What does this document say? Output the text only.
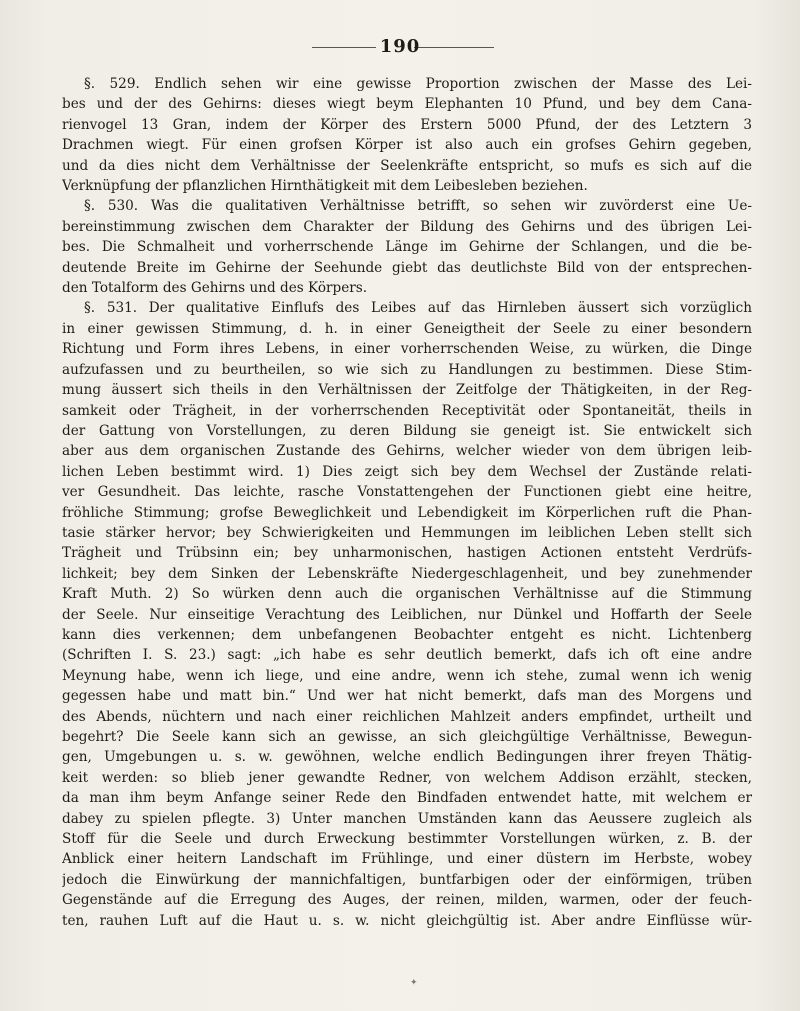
190

§. 529. Endlich sehen wir eine gewisse Proportion zwischen der Masse des Lei-

bes und der des Gehirns: dieses wiegt beym Elephanten 10 Pfund, und bey dem Cana-

rienvogel 13 Gran, indem der Körper des Erstern 5000 Pfund, der des Letztern 3

Drachmen wiegt. Für einen grofsen Körper ist also auch ein grofses Gehirn gegeben,

und da dies nicht dem Verhältnisse der Seelenkräfte entspricht, so mufs es sich auf die

Verknüpfung der pflanzlichen Hirnthätigkeit mit dem Leibesleben beziehen.

§. 530. Was die qualitativen Verhältnisse betrifft, so sehen wir zuvörderst eine Ue-

bereinstimmung zwischen dem Charakter der Bildung des Gehirns und des übrigen Lei-

bes. Die Schmalheit und vorherrschende Länge im Gehirne der Schlangen, und die be-

deutende Breite im Gehirne der Seehunde giebt das deutlichste Bild von der entsprechen-

den Totalform des Gehirns und des Körpers.

§. 531. Der qualitative Einflufs des Leibes auf das Hirnleben äussert sich vorzüglich

in einer gewissen Stimmung, d. h. in einer Geneigtheit der Seele zu einer besondern

Richtung und Form ihres Lebens, in einer vorherrschenden Weise, zu würken, die Dinge

aufzufassen und zu beurtheilen, so wie sich zu Handlungen zu bestimmen. Diese Stim-

mung äussert sich theils in den Verhältnissen der Zeitfolge der Thätigkeiten, in der Reg-

samkeit oder Trägheit, in der vorherrschenden Receptivität oder Spontaneität, theils in

der Gattung von Vorstellungen, zu deren Bildung sie geneigt ist. Sie entwickelt sich

aber aus dem organischen Zustande des Gehirns, welcher wieder von dem übrigen leib-

lichen Leben bestimmt wird. 1) Dies zeigt sich bey dem Wechsel der Zustände relati-

ver Gesundheit. Das leichte, rasche Vonstattengehen der Functionen giebt eine heitre,

fröhliche Stimmung; grofse Beweglichkeit und Lebendigkeit im Körperlichen ruft die Phan-

tasie stärker hervor; bey Schwierigkeiten und Hemmungen im leiblichen Leben stellt sich

Trägheit und Trübsinn ein; bey unharmonischen, hastigen Actionen entsteht Verdrüfs-

lichkeit; bey dem Sinken der Lebenskräfte Niedergeschlagenheit, und bey zunehmender

Kraft Muth. 2) So würken denn auch die organischen Verhältnisse auf die Stimmung

der Seele. Nur einseitige Verachtung des Leiblichen, nur Dünkel und Hoffarth der Seele

kann dies verkennen; dem unbefangenen Beobachter entgeht es nicht. Lichtenberg

(Schriften I. S. 23.) sagt: „ich habe es sehr deutlich bemerkt, dafs ich oft eine andre

Meynung habe, wenn ich liege, und eine andre, wenn ich stehe, zumal wenn ich wenig

gegessen habe und matt bin.“ Und wer hat nicht bemerkt, dafs man des Morgens und

des Abends, nüchtern und nach einer reichlichen Mahlzeit anders empfindet, urtheilt und

begehrt? Die Seele kann sich an gewisse, an sich gleichgültige Verhältnisse, Bewegun-

gen, Umgebungen u. s. w. gewöhnen, welche endlich Bedingungen ihrer freyen Thätig-

keit werden: so blieb jener gewandte Redner, von welchem Addison erzählt, stecken,

da man ihm beym Anfange seiner Rede den Bindfaden entwendet hatte, mit welchem er

dabey zu spielen pflegte. 3) Unter manchen Umständen kann das Aeussere zugleich als

Stoff für die Seele und durch Erweckung bestimmter Vorstellungen würken, z. B. der

Anblick einer heitern Landschaft im Frühlinge, und einer düstern im Herbste, wobey

jedoch die Einwürkung der mannichfaltigen, buntfarbigen oder der einförmigen, trüben

Gegenstände auf die Erregung des Auges, der reinen, milden, warmen, oder der feuch-

ten, rauhen Luft auf die Haut u. s. w. nicht gleichgültig ist. Aber andre Einflüsse wür-

✦
